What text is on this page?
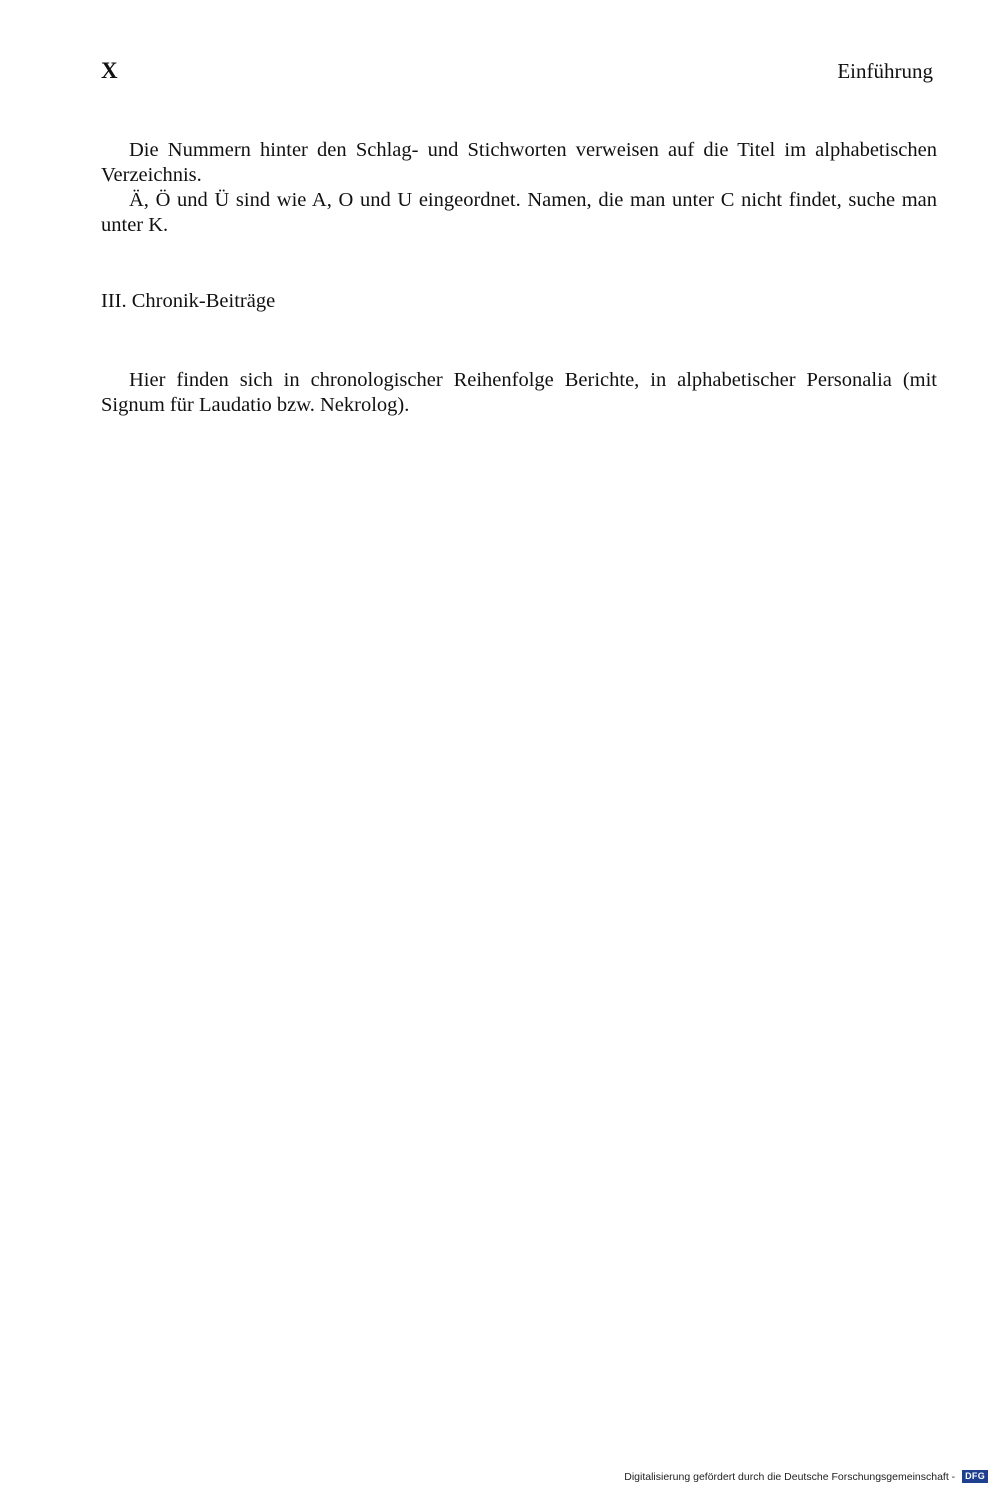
X	Einführung

Die Nummern hinter den Schlag- und Stichworten verweisen auf die Titel im alphabetischen Verzeichnis.

Ä, Ö und Ü sind wie A, O und U eingeordnet. Namen, die man unter C nicht findet, suche man unter K.

III. Chronik-Beiträge

Hier finden sich in chronologischer Reihenfolge Berichte, in alphabetischer Personalia (mit Signum für Laudatio bzw. Nekrolog).

Digitalisierung gefördert durch die Deutsche Forschungsgemeinschaft - DFG
